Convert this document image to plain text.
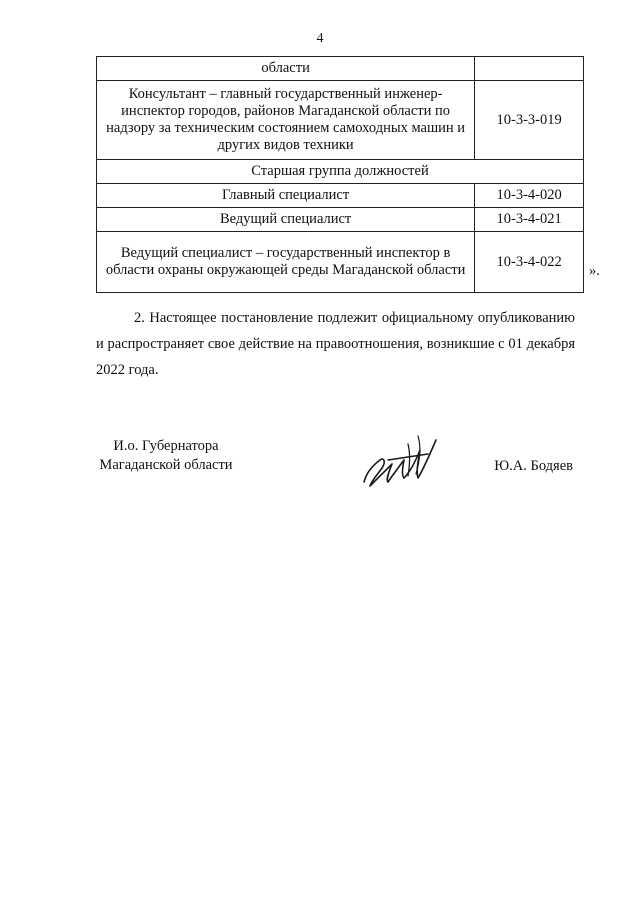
4
области	
Консультант – главный государственный инженер-инспектор городов, районов Магаданской области по надзору за техническим состоянием самоходных машин и других видов техники	10-3-3-019
Старшая группа должностей	
Главный специалист	10-3-4-020
Ведущий специалист	10-3-4-021
Ведущий специалист – государственный инспектор в области охраны окружающей среды Магаданской области	10-3-4-022
».
2. Настоящее постановление подлежит официальному опубликованию и распространяет свое действие на правоотношения, возникшие с 01 декабря 2022 года.
И.о. Губернатора
Магаданской области	Ю.А. Бодяев
